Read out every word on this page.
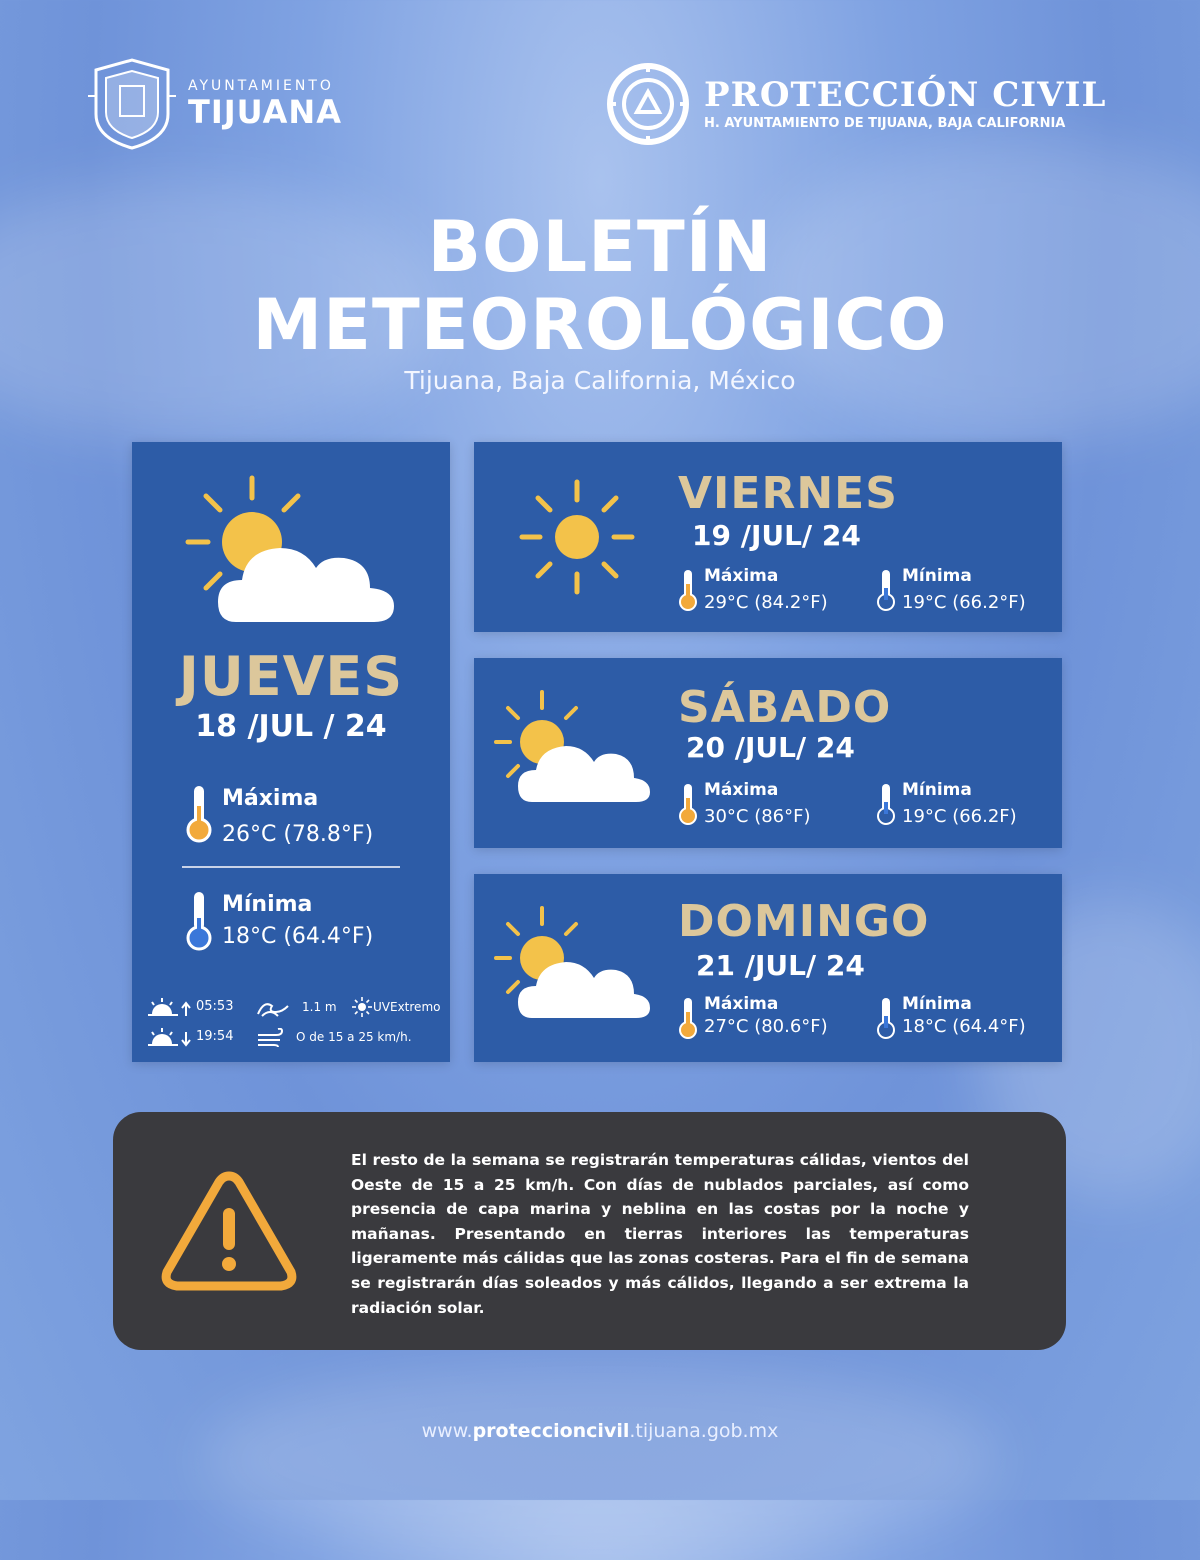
AYUNTAMIENTO
TIJUANA	PROTECCIÓN CIVIL
H. AYUNTAMIENTO DE TIJUANA, BAJA CALIFORNIA
BOLETÍN
METEOROLÓGICO
Tijuana, Baja California, México
JUEVES
18 /JUL / 24
Máxima
26°C (78.8°F)
Mínima
18°C (64.4°F)
05:53	1.1 m	UVExtremo
19:54	O de 15 a 25 km/h.
VIERNES
19 /JUL/ 24
Máxima
29°C (84.2°F)
Mínima
19°C (66.2°F)
SÁBADO
20 /JUL/ 24
Máxima
30°C (86°F)
Mínima
19°C (66.2F)
DOMINGO
21 /JUL/ 24
Máxima
27°C (80.6°F)
Mínima
18°C (64.4°F)
El resto de la semana se registrarán temperaturas cálidas, vientos del Oeste de 15 a 25 km/h. Con días de nublados parciales, así como presencia de capa marina y neblina en las costas por la noche y mañanas. Presentando en tierras interiores las temperaturas ligeramente más cálidas que las zonas costeras. Para el fin de semana se registrarán días soleados y más cálidos, llegando a ser extrema la radiación solar.
www.proteccioncivil.tijuana.gob.mx
